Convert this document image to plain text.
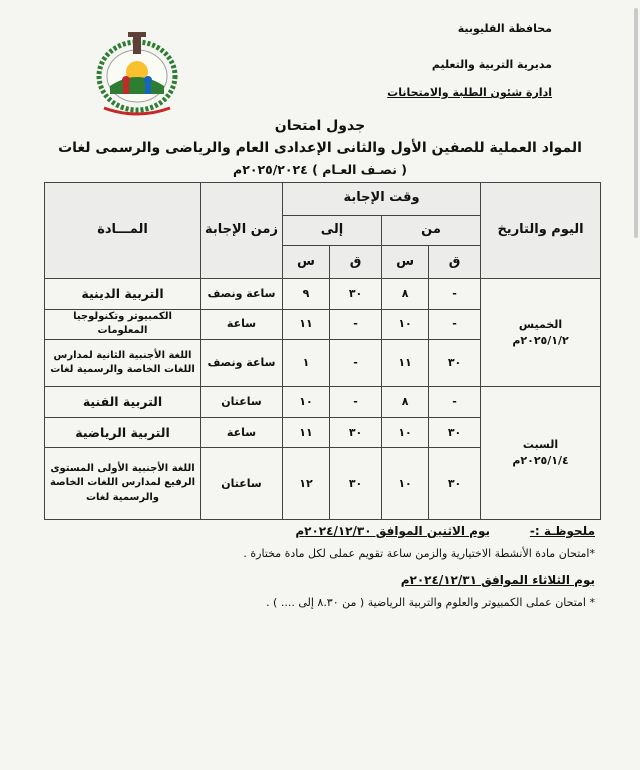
محافظة القليوبية
مديرية التربية والتعليم
ادارة شئون الطلبة والامتحانات
جدول امتحان
المواد العملية للصفين الأول والثانى الإعدادى العام والرياضى والرسمى لغات
( نصـف العـام ) ٢٠٢٥/٢٠٢٤م
اليوم والتاريخ	وقت الإجابة				زمن الإجابة	المـــادة
	من		إلى			
	ق	س	ق	س		

الخميس
٢٠٢٥/١/٢م	-	٨	٣٠	٩	ساعة ونصف	التربية الدينية
	-	١٠	-	١١	ساعة	الكمبيوتر وتكنولوجيا المعلومات
	٣٠	١١	-	١	ساعة ونصف	اللغة الأجنبية الثانية لمدارس اللغات الخاصة والرسمية لغات

السبت
٢٠٢٥/١/٤م	-	٨	-	١٠	ساعتان	التربية الفنية
	٣٠	١٠	٣٠	١١	ساعة	التربية الرياضية
	٣٠	١٠	٣٠	١٢	ساعتان	اللغة الأجنبية الأولى المستوى الرفيع لمدارس اللغات الخاصة والرسمية لغات
ملحوظـة :-
يوم الاثنين الموافق ٢٠٢٤/١٢/٣٠م
*امتحان مادة الأنشطة الاختيارية والزمن ساعة تقويم عملى لكل مادة مختارة .
يوم الثلاثاء الموافق ٢٠٢٤/١٢/٣١م
* امتحان عملى الكمبيوتر والعلوم والتربية الرياضية ( من ٨.٣٠ إلى .... ) .
